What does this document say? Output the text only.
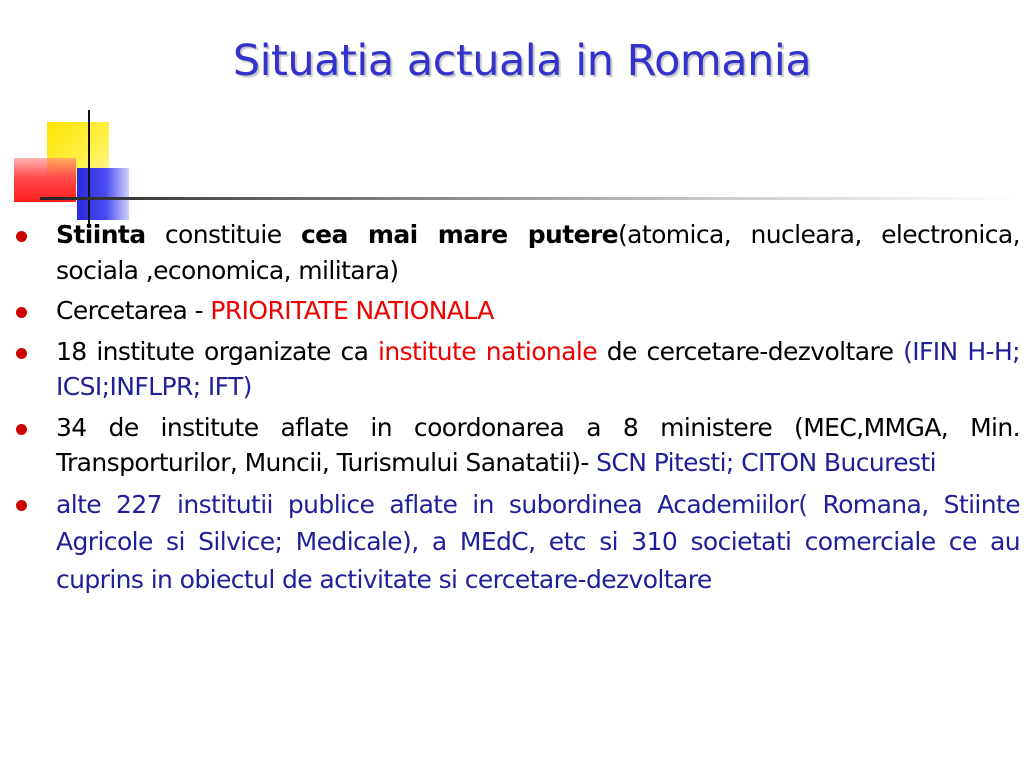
Situatia actuala in Romania
Stiinta constituie cea mai mare putere(atomica, nucleara, electronica, sociala ,economica, militara)
Cercetarea - PRIORITATE NATIONALA
18 institute organizate ca institute nationale de cercetare-dezvoltare (IFIN H-H; ICSI;INFLPR; IFT)
34 de institute aflate in coordonarea a 8 ministere (MEC,MMGA, Min. Transporturilor, Muncii, Turismului Sanatatii)- SCN Pitesti; CITON Bucuresti
alte 227 institutii publice aflate in subordinea Academiilor( Romana, Stiinte Agricole si Silvice; Medicale), a MEdC, etc si 310 societati comerciale ce au cuprins in obiectul de activitate si cercetare-dezvoltare
